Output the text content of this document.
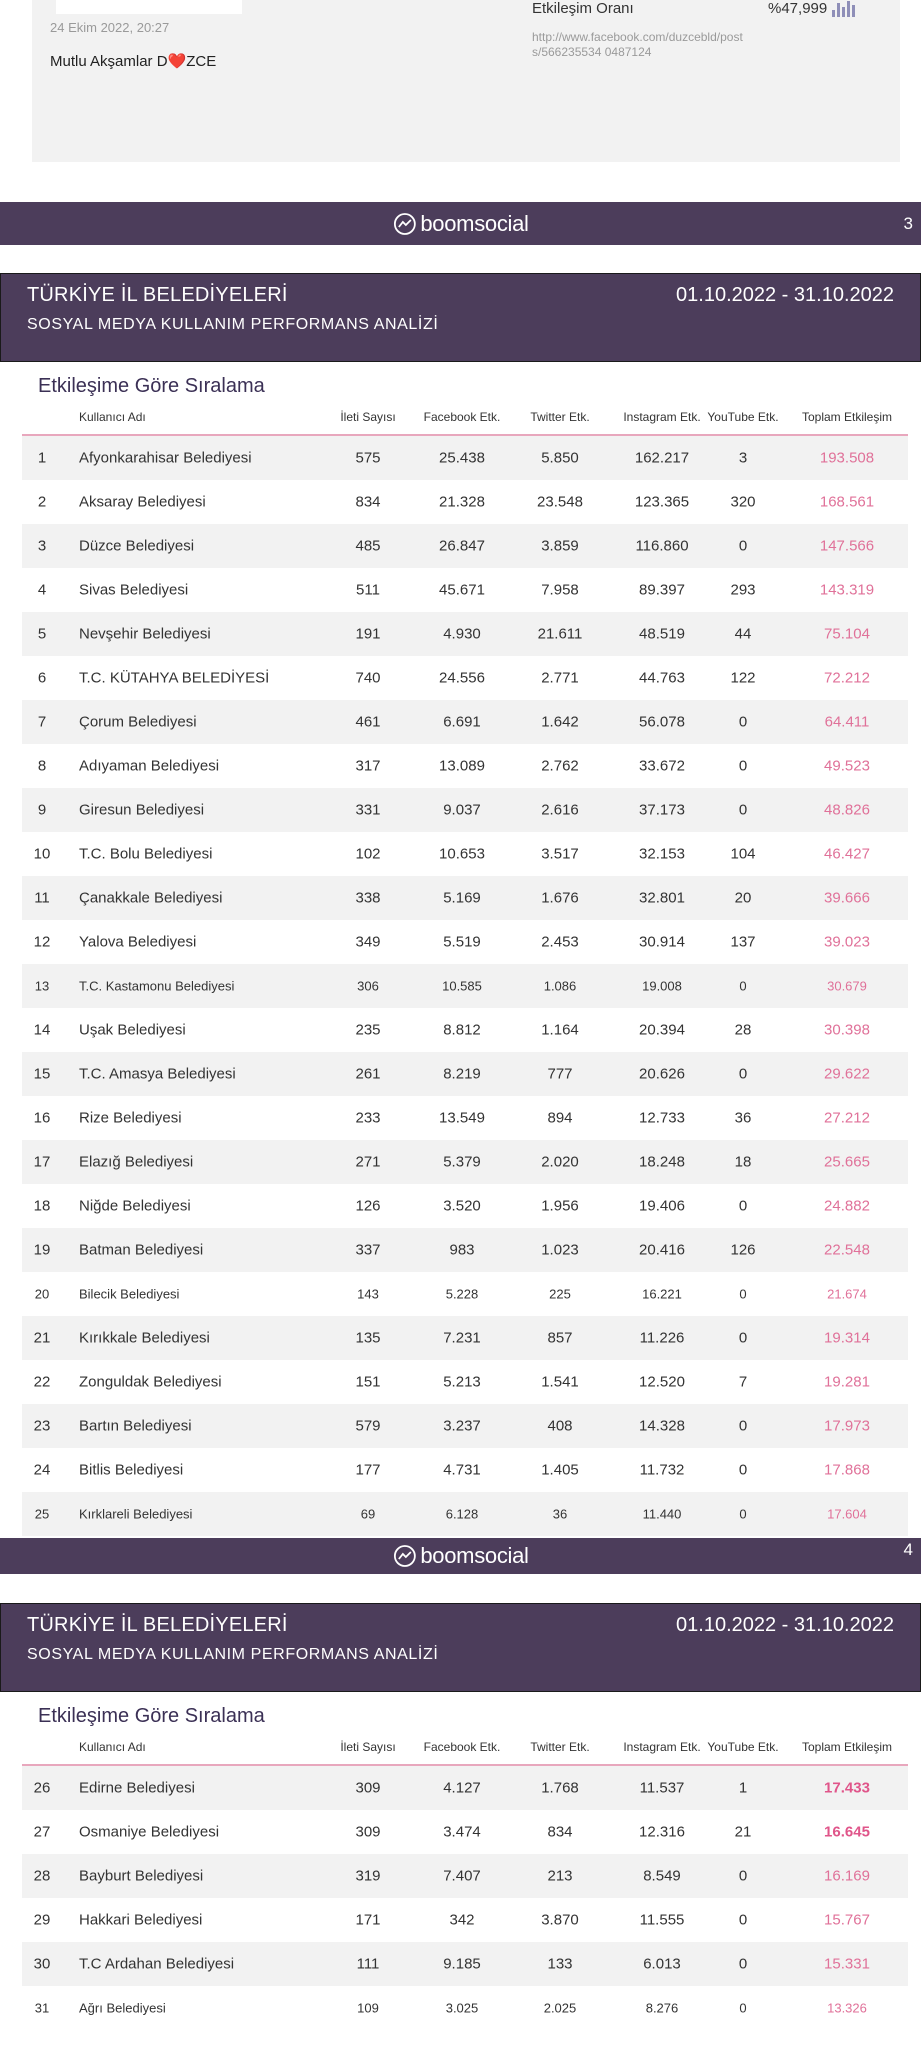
24 Ekim 2022, 20:27
Mutlu Akşamlar D❤️ZCE
Etkileşim Oranı	%47,999
http://www.facebook.com/duzcebld/posts/566235534 0487124
boomsocial	3
TÜRKİYE İL BELEDİYELERİ
SOSYAL MEDYA KULLANIM PERFORMANS ANALİZİ
01.10.2022 - 31.10.2022
Etkileşime Göre Sıralama
Kullanıcı Adı	İleti Sayısı	Facebook Etk.	Twitter Etk.	Instagram Etk. YouTube Etk.	Toplam Etkileşim
1	Afyonkarahisar Belediyesi	575	25.438	5.850	162.217	3	193.508
2	Aksaray Belediyesi	834	21.328	23.548	123.365	320	168.561
3	Düzce Belediyesi	485	26.847	3.859	116.860	0	147.566
4	Sivas Belediyesi	511	45.671	7.958	89.397	293	143.319
5	Nevşehir Belediyesi	191	4.930	21.611	48.519	44	75.104
6	T.C. KÜTAHYA BELEDİYESİ	740	24.556	2.771	44.763	122	72.212
7	Çorum Belediyesi	461	6.691	1.642	56.078	0	64.411
8	Adıyaman Belediyesi	317	13.089	2.762	33.672	0	49.523
9	Giresun Belediyesi	331	9.037	2.616	37.173	0	48.826
10	T.C. Bolu Belediyesi	102	10.653	3.517	32.153	104	46.427
11	Çanakkale Belediyesi	338	5.169	1.676	32.801	20	39.666
12	Yalova Belediyesi	349	5.519	2.453	30.914	137	39.023
13	T.C. Kastamonu Belediyesi	306	10.585	1.086	19.008	0	30.679
14	Uşak Belediyesi	235	8.812	1.164	20.394	28	30.398
15	T.C. Amasya Belediyesi	261	8.219	777	20.626	0	29.622
16	Rize Belediyesi	233	13.549	894	12.733	36	27.212
17	Elazığ Belediyesi	271	5.379	2.020	18.248	18	25.665
18	Niğde Belediyesi	126	3.520	1.956	19.406	0	24.882
19	Batman Belediyesi	337	983	1.023	20.416	126	22.548
20	Bilecik Belediyesi	143	5.228	225	16.221	0	21.674
21	Kırıkkale Belediyesi	135	7.231	857	11.226	0	19.314
22	Zonguldak Belediyesi	151	5.213	1.541	12.520	7	19.281
23	Bartın Belediyesi	579	3.237	408	14.328	0	17.973
24	Bitlis Belediyesi	177	4.731	1.405	11.732	0	17.868
25	Kırklareli Belediyesi	69	6.128	36	11.440	0	17.604
boomsocial	4
TÜRKİYE İL BELEDİYELERİ
SOSYAL MEDYA KULLANIM PERFORMANS ANALİZİ
01.10.2022 - 31.10.2022
Etkileşime Göre Sıralama
Kullanıcı Adı	İleti Sayısı	Facebook Etk.	Twitter Etk.	Instagram Etk. YouTube Etk.	Toplam Etkileşim
26	Edirne Belediyesi	309	4.127	1.768	11.537	1	17.433
27	Osmaniye Belediyesi	309	3.474	834	12.316	21	16.645
28	Bayburt Belediyesi	319	7.407	213	8.549	0	16.169
29	Hakkari Belediyesi	171	342	3.870	11.555	0	15.767
30	T.C Ardahan Belediyesi	111	9.185	133	6.013	0	15.331
31	Ağrı Belediyesi	109	3.025	2.025	8.276	0	13.326
